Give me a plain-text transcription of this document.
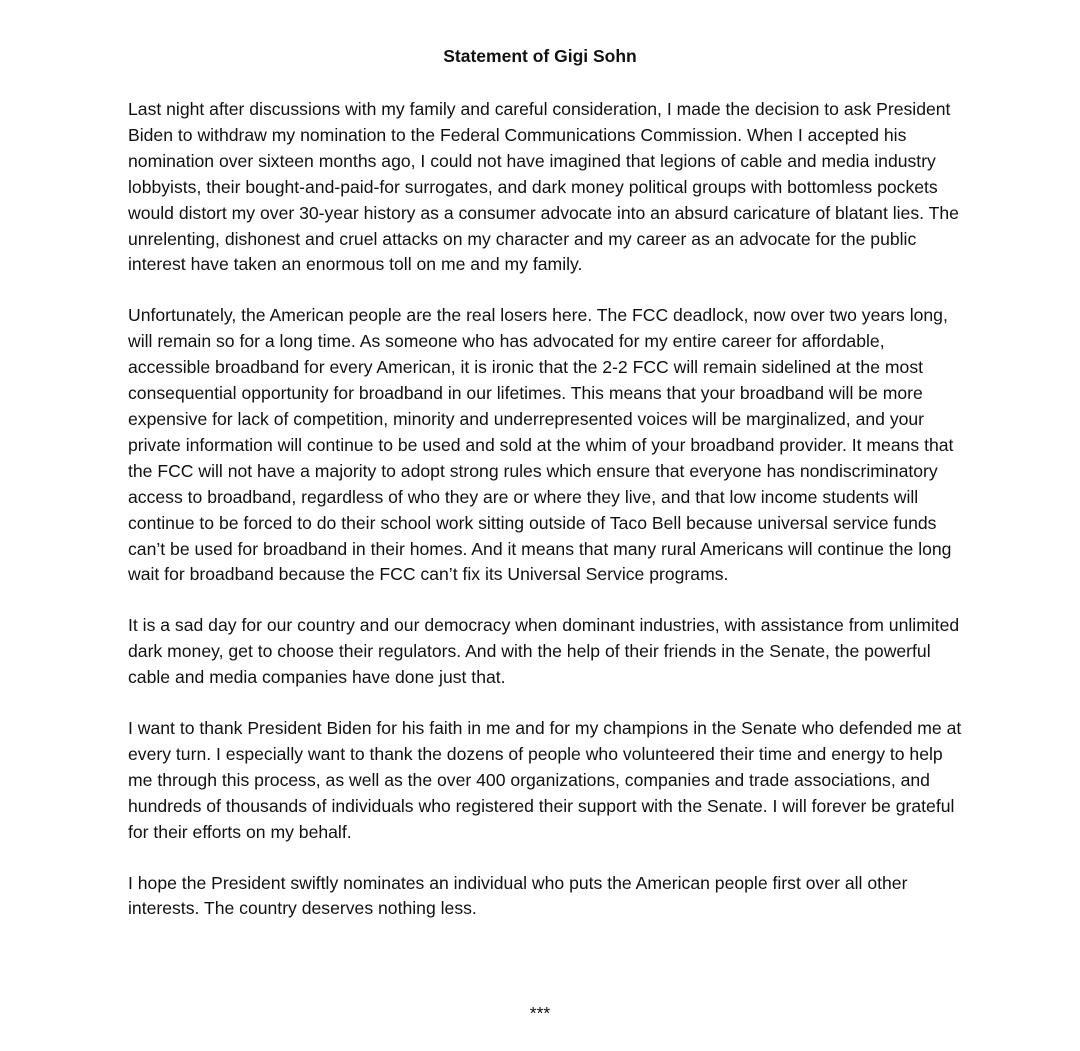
Statement of Gigi Sohn

Last night after discussions with my family and careful consideration, I made the decision to ask President Biden to withdraw my nomination to the Federal Communications Commission. When I accepted his nomination over sixteen months ago, I could not have imagined that legions of cable and media industry lobbyists, their bought-and-paid-for surrogates, and dark money political groups with bottomless pockets would distort my over 30-year history as a consumer advocate into an absurd caricature of blatant lies. The unrelenting, dishonest and cruel attacks on my character and my career as an advocate for the public interest have taken an enormous toll on me and my family.

Unfortunately, the American people are the real losers here. The FCC deadlock, now over two years long, will remain so for a long time. As someone who has advocated for my entire career for affordable, accessible broadband for every American, it is ironic that the 2-2 FCC will remain sidelined at the most consequential opportunity for broadband in our lifetimes. This means that your broadband will be more expensive for lack of competition, minority and underrepresented voices will be marginalized, and your private information will continue to be used and sold at the whim of your broadband provider. It means that the FCC will not have a majority to adopt strong rules which ensure that everyone has nondiscriminatory access to broadband, regardless of who they are or where they live, and that low income students will continue to be forced to do their school work sitting outside of Taco Bell because universal service funds can’t be used for broadband in their homes. And it means that many rural Americans will continue the long wait for broadband because the FCC can’t fix its Universal Service programs.

It is a sad day for our country and our democracy when dominant industries, with assistance from unlimited dark money, get to choose their regulators. And with the help of their friends in the Senate, the powerful cable and media companies have done just that.

I want to thank President Biden for his faith in me and for my champions in the Senate who defended me at every turn. I especially want to thank the dozens of people who volunteered their time and energy to help me through this process, as well as the over 400 organizations, companies and trade associations, and hundreds of thousands of individuals who registered their support with the Senate. I will forever be grateful for their efforts on my behalf.

I hope the President swiftly nominates an individual who puts the American people first over all other interests. The country deserves nothing less.

***
